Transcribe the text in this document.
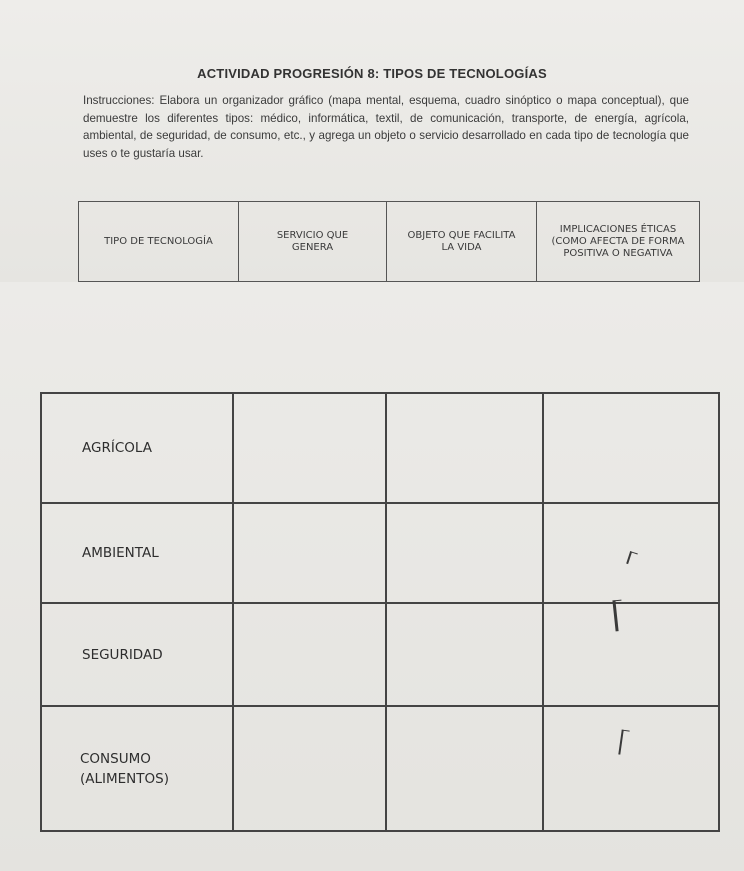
ACTIVIDAD PROGRESIÓN 8: TIPOS DE TECNOLOGÍAS
Instrucciones: Elabora un organizador gráfico (mapa mental, esquema, cuadro sinóptico o mapa conceptual), que demuestre los diferentes tipos: médico, informática, textil, de comunicación, transporte, de energía, agrícola, ambiental, de seguridad, de consumo, etc., y agrega un objeto o servicio desarrollado en cada tipo de tecnología que uses o te gustaría usar.
TIPO DE TECNOLOGÍA	SERVICIO QUE GENERA	OBJETO QUE FACILITA LA VIDA	IMPLICACIONES ÉTICAS (COMO AFECTA DE FORMA POSITIVA O NEGATIVA
AGRÍCOLA			
AMBIENTAL			
SEGURIDAD			
CONSUMO (ALIMENTOS)			
